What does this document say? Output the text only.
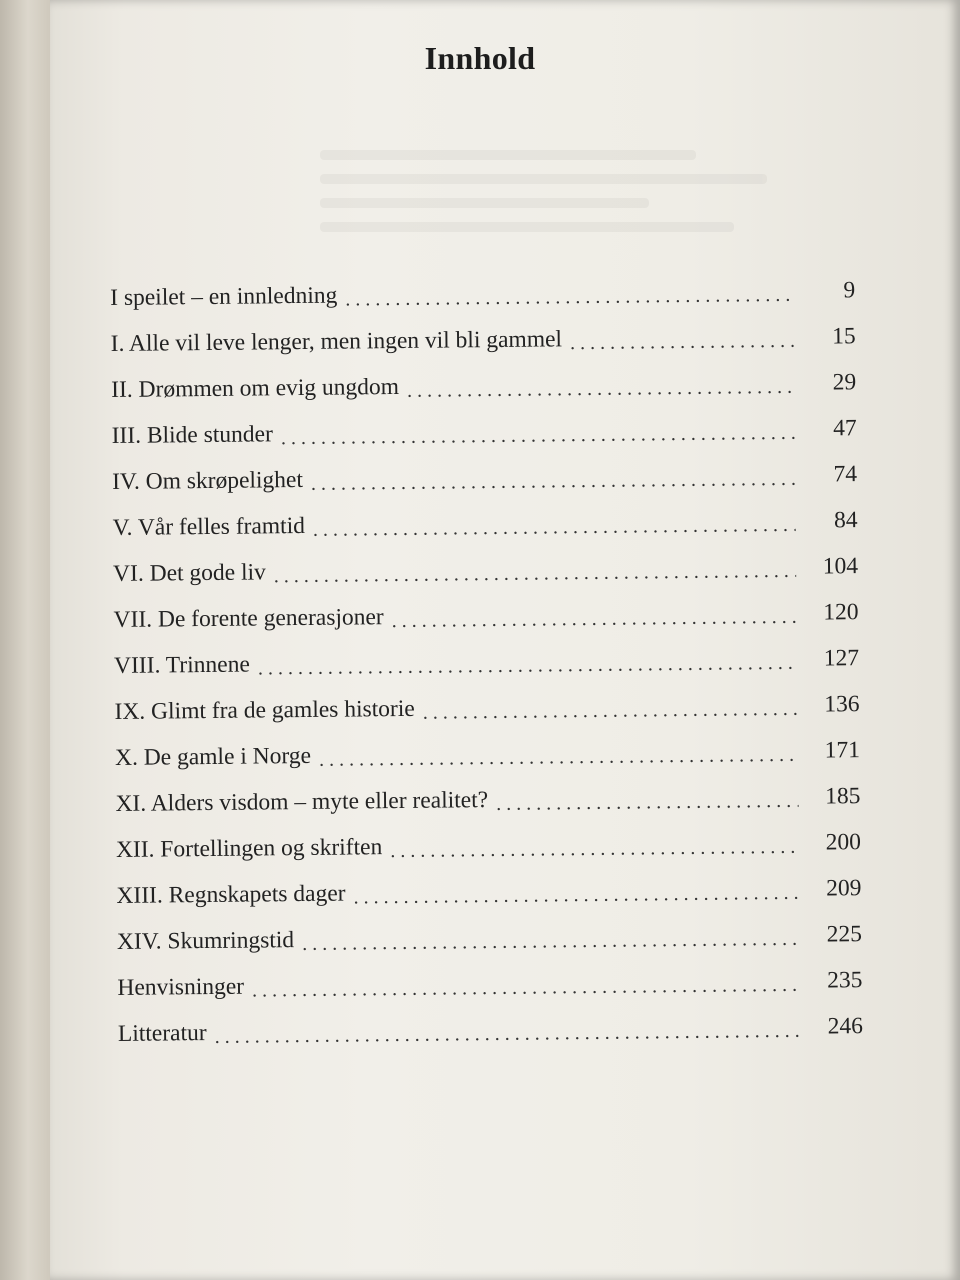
Innhold
I speilet – en innledning . . .	9
I. Alle vil leve lenger, men ingen vil bli gammel . . .	15
II. Drømmen om evig ungdom . . .	29
III. Blide stunder . . .	47
IV. Om skrøpelighet . . .	74
V. Vår felles framtid . . .	84
VI. Det gode liv . . .	104
VII. De forente generasjoner . . .	120
VIII. Trinnene . . .	127
IX. Glimt fra de gamles historie . . .	136
X. De gamle i Norge . . .	171
XI. Alders visdom – myte eller realitet? . . .	185
XII. Fortellingen og skriften . . .	200
XIII. Regnskapets dager . . .	209
XIV. Skumringstid . . .	225
Henvisninger . . .	235
Litteratur . . .	246
